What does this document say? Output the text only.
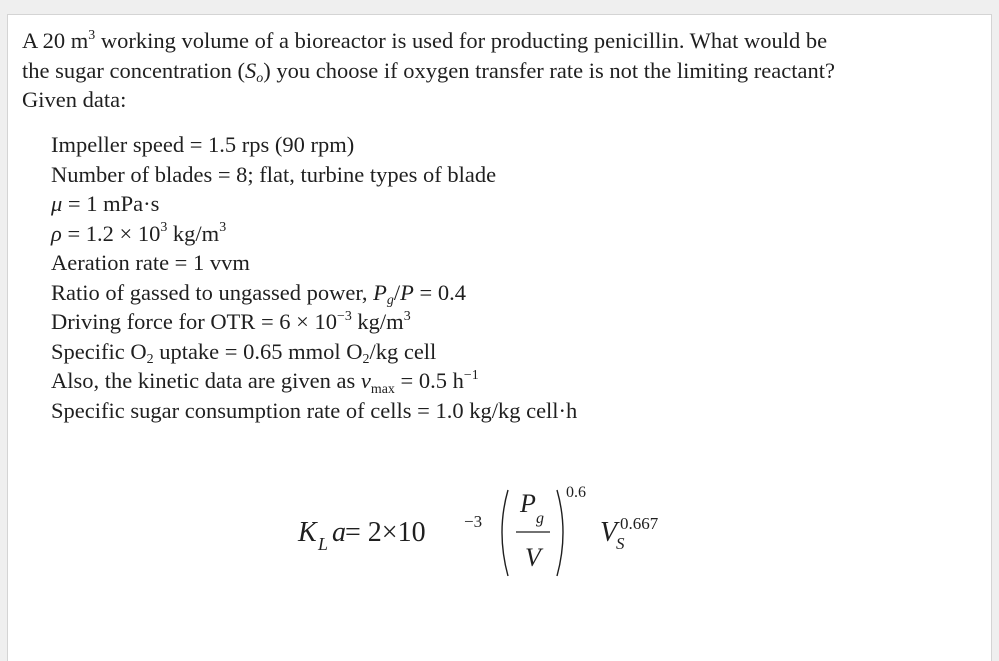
A 20 $m^3$ working volume of a bioreactor is used for producting penicillin. What would be
the sugar concentration $(S_o)$ you choose if oxygen transfer rate is not the limiting reactant?
Given data:
Impeller speed = 1.5 rps (90 rpm)
Number of blades = 8; flat, turbine types of blade
μ = 1 mPa·s
$\rho = 1.2 \times 10^3$ $kg/m^3$
Aeration rate = 1 vvm
Ratio of gassed to ungassed power, $P_g/P = 0.4$
Driving force for OTR = $6 \times 10^{-3}$ $kg/m^3$
Specific $O_2$ uptake = 0.65 mmol $O_2/kg$ cell
Also, the kinetic data are given as $v_{max} = 0.5$ $h^{-1}$
Specific sugar consumption rate of cells = 1.0 kg/kg cell·h
K L a = 2×10 −3
P
g
V
0.6
V
S
0.667
